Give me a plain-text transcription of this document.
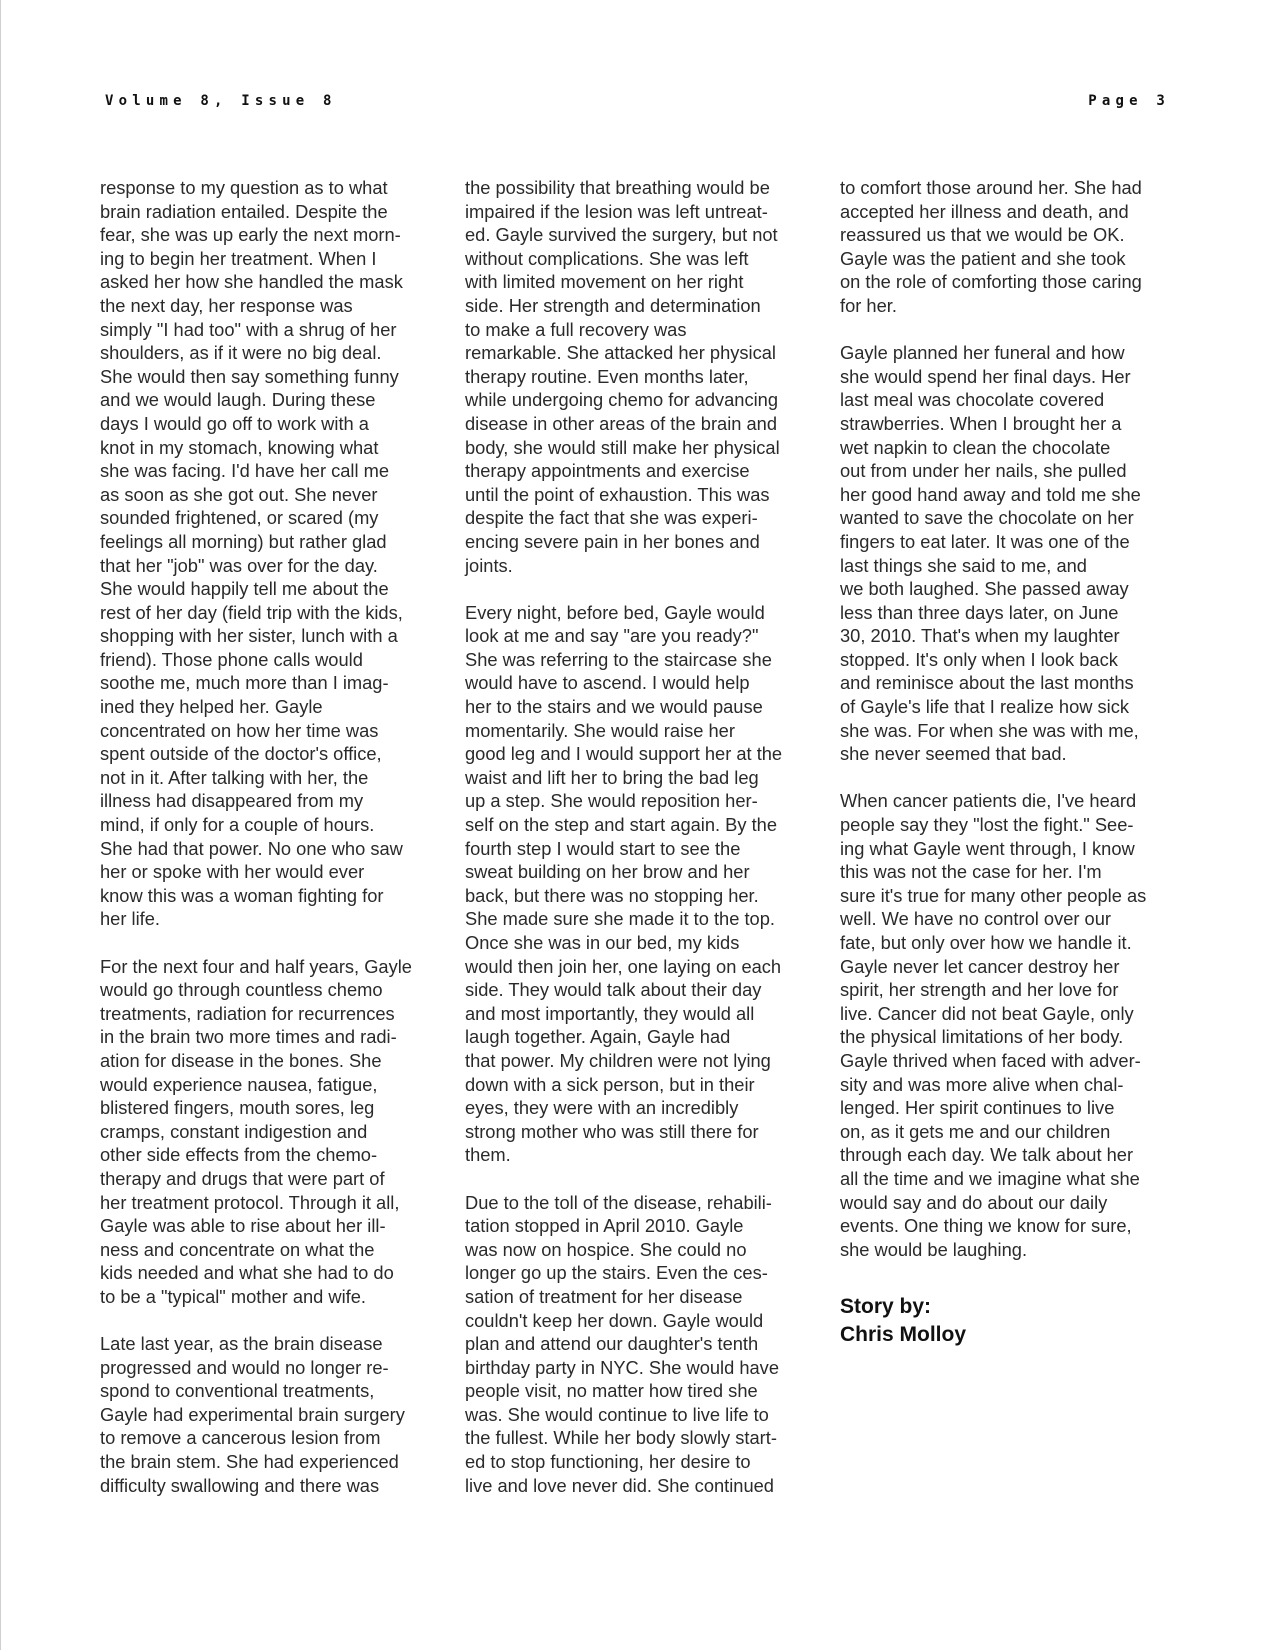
Volume 8, Issue 8	Page 3

response to my question as to what
brain radiation entailed. Despite the
fear, she was up early the next morn-
ing to begin her treatment. When I
asked her how she handled the mask
the next day, her response was
simply "I had too" with a shrug of her
shoulders, as if it were no big deal.
She would then say something funny
and we would laugh. During these
days I would go off to work with a
knot in my stomach, knowing what
she was facing. I'd have her call me
as soon as she got out. She never
sounded frightened, or scared (my
feelings all morning) but rather glad
that her "job" was over for the day.
She would happily tell me about the
rest of her day (field trip with the kids,
shopping with her sister, lunch with a
friend). Those phone calls would
soothe me, much more than I imag-
ined they helped her. Gayle
concentrated on how her time was
spent outside of the doctor's office,
not in it. After talking with her, the
illness had disappeared from my
mind, if only for a couple of hours.
She had that power. No one who saw
her or spoke with her would ever
know this was a woman fighting for
her life.

For the next four and half years, Gayle
would go through countless chemo
treatments, radiation for recurrences
in the brain two more times and radi-
ation for disease in the bones. She
would experience nausea, fatigue,
blistered fingers, mouth sores, leg
cramps, constant indigestion and
other side effects from the chemo-
therapy and drugs that were part of
her treatment protocol. Through it all,
Gayle was able to rise about her ill-
ness and concentrate on what the
kids needed and what she had to do
to be a "typical" mother and wife.

Late last year, as the brain disease
progressed and would no longer re-
spond to conventional treatments,
Gayle had experimental brain surgery
to remove a cancerous lesion from
the brain stem. She had experienced
difficulty swallowing and there was

the possibility that breathing would be
impaired if the lesion was left untreat-
ed. Gayle survived the surgery, but not
without complications. She was left
with limited movement on her right
side. Her strength and determination
to make a full recovery was
remarkable. She attacked her physical
therapy routine. Even months later,
while undergoing chemo for advancing
disease in other areas of the brain and
body, she would still make her physical
therapy appointments and exercise
until the point of exhaustion. This was
despite the fact that she was experi-
encing severe pain in her bones and
joints.

Every night, before bed, Gayle would
look at me and say "are you ready?"
She was referring to the staircase she
would have to ascend. I would help
her to the stairs and we would pause
momentarily. She would raise her
good leg and I would support her at the
waist and lift her to bring the bad leg
up a step. She would reposition her-
self on the step and start again. By the
fourth step I would start to see the
sweat building on her brow and her
back, but there was no stopping her.
She made sure she made it to the top.
Once she was in our bed, my kids
would then join her, one laying on each
side. They would talk about their day
and most importantly, they would all
laugh together. Again, Gayle had
that power. My children were not lying
down with a sick person, but in their
eyes, they were with an incredibly
strong mother who was still there for
them.

Due to the toll of the disease, rehabili-
tation stopped in April 2010. Gayle
was now on hospice. She could no
longer go up the stairs. Even the ces-
sation of treatment for her disease
couldn't keep her down. Gayle would
plan and attend our daughter's tenth
birthday party in NYC. She would have
people visit, no matter how tired she
was. She would continue to live life to
the fullest. While her body slowly start-
ed to stop functioning, her desire to
live and love never did. She continued

to comfort those around her. She had
accepted her illness and death, and
reassured us that we would be OK.
Gayle was the patient and she took
on the role of comforting those caring
for her.

Gayle planned her funeral and how
she would spend her final days. Her
last meal was chocolate covered
strawberries. When I brought her a
wet napkin to clean the chocolate
out from under her nails, she pulled
her good hand away and told me she
wanted to save the chocolate on her
fingers to eat later. It was one of the
last things she said to me, and
we both laughed. She passed away
less than three days later, on June
30, 2010. That's when my laughter
stopped. It's only when I look back
and reminisce about the last months
of Gayle's life that I realize how sick
she was. For when she was with me,
she never seemed that bad.

When cancer patients die, I've heard
people say they "lost the fight." See-
ing what Gayle went through, I know
this was not the case for her. I'm
sure it's true for many other people as
well. We have no control over our
fate, but only over how we handle it.
Gayle never let cancer destroy her
spirit, her strength and her love for
live. Cancer did not beat Gayle, only
the physical limitations of her body.
Gayle thrived when faced with adver-
sity and was more alive when chal-
lenged. Her spirit continues to live
on, as it gets me and our children
through each day. We talk about her
all the time and we imagine what she
would say and do about our daily
events. One thing we know for sure,
she would be laughing.

Story by:
Chris Molloy
